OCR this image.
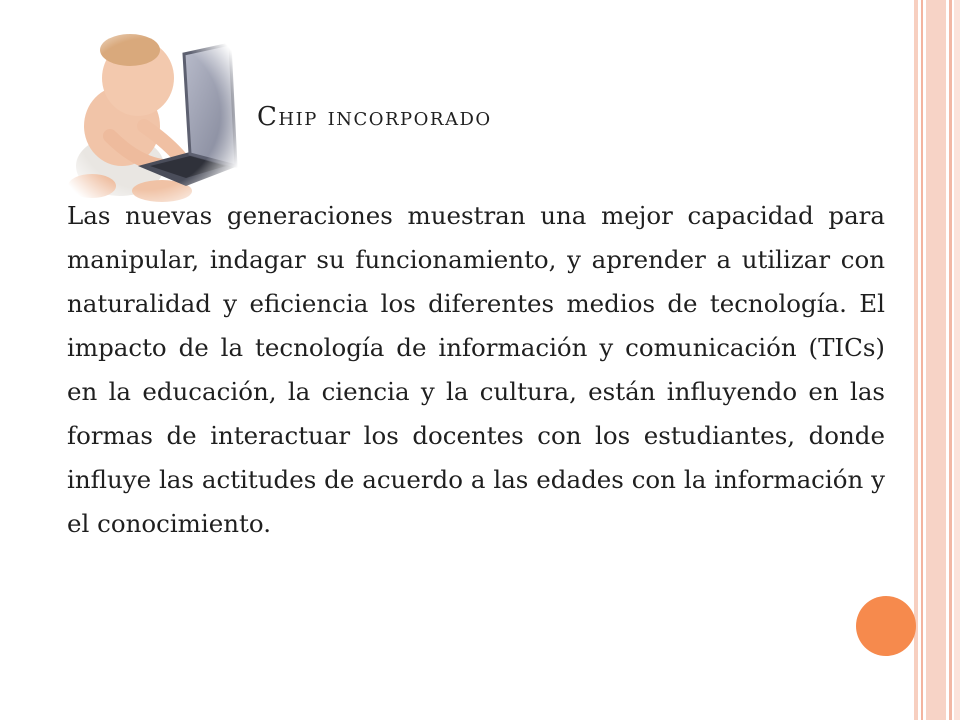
Chip incorporado

Las nuevas generaciones muestran una mejor capacidad para manipular, indagar su funcionamiento, y aprender a utilizar con naturalidad y eficiencia los diferentes medios de tecnología. El impacto de la tecnología de información y comunicación (TICs) en la educación, la ciencia y la cultura, están influyendo en las formas de interactuar los docentes con los estudiantes, donde influye las actitudes de acuerdo a las edades con la información y el conocimiento.
